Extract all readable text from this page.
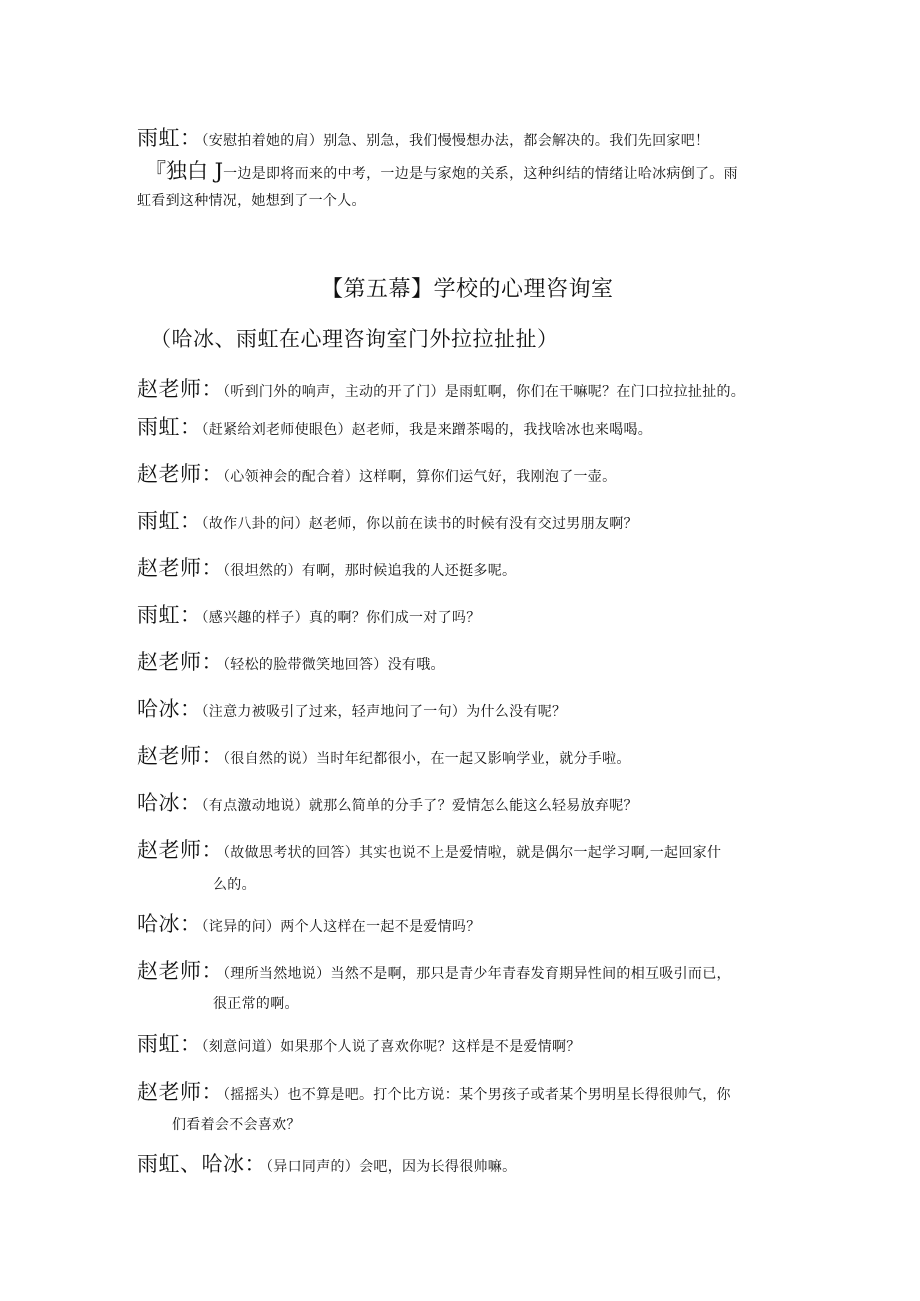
雨虹：（安慰拍着她的肩）别急、别急，我们慢慢想办法，都会解决的。我们先回家吧！
『独白 J一边是即将而来的中考，一边是与家炮的关系，这种纠结的情绪让哈冰病倒了。雨
虹看到这种情况，她想到了一个人。
【第五幕】学校的心理咨询室
（哈冰、雨虹在心理咨询室门外拉拉扯扯）
赵老师：（听到门外的响声，主动的开了门）是雨虹啊，你们在干嘛呢？在门口拉拉扯扯的。
雨虹：（赶紧给刘老师使眼色）赵老师，我是来蹭茶喝的，我找啥冰也来喝喝。
赵老师：（心领神会的配合着）这样啊，算你们运气好，我刚泡了一壶。
雨虹：（故作八卦的问）赵老师，你以前在读书的时候有没有交过男朋友啊？
赵老师：（很坦然的）有啊，那时候追我的人还挺多呢。
雨虹：（感兴趣的样子）真的啊？你们成一对了吗？
赵老师：（轻松的脸带微笑地回答）没有哦。
哈冰：（注意力被吸引了过来，轻声地问了一句）为什么没有呢？
赵老师：（很自然的说）当时年纪都很小，在一起又影响学业，就分手啦。
哈冰：（有点激动地说）就那么简单的分手了？爱情怎么能这么轻易放弃呢？
赵老师：（故做思考状的回答）其实也说不上是爱情啦，就是偶尔一起学习啊,一起回家什
么的。
哈冰：（诧异的问）两个人这样在一起不是爱情吗？
赵老师：（理所当然地说）当然不是啊，那只是青少年青春发育期异性间的相互吸引而已，
很正常的啊。
雨虹：（刻意问道）如果那个人说了喜欢你呢？这样是不是爱情啊？
赵老师：（摇摇头）也不算是吧。打个比方说：某个男孩子或者某个男明星长得很帅气，你
们看着会不会喜欢？
雨虹、哈冰：（异口同声的）会吧，因为长得很帅嘛。
